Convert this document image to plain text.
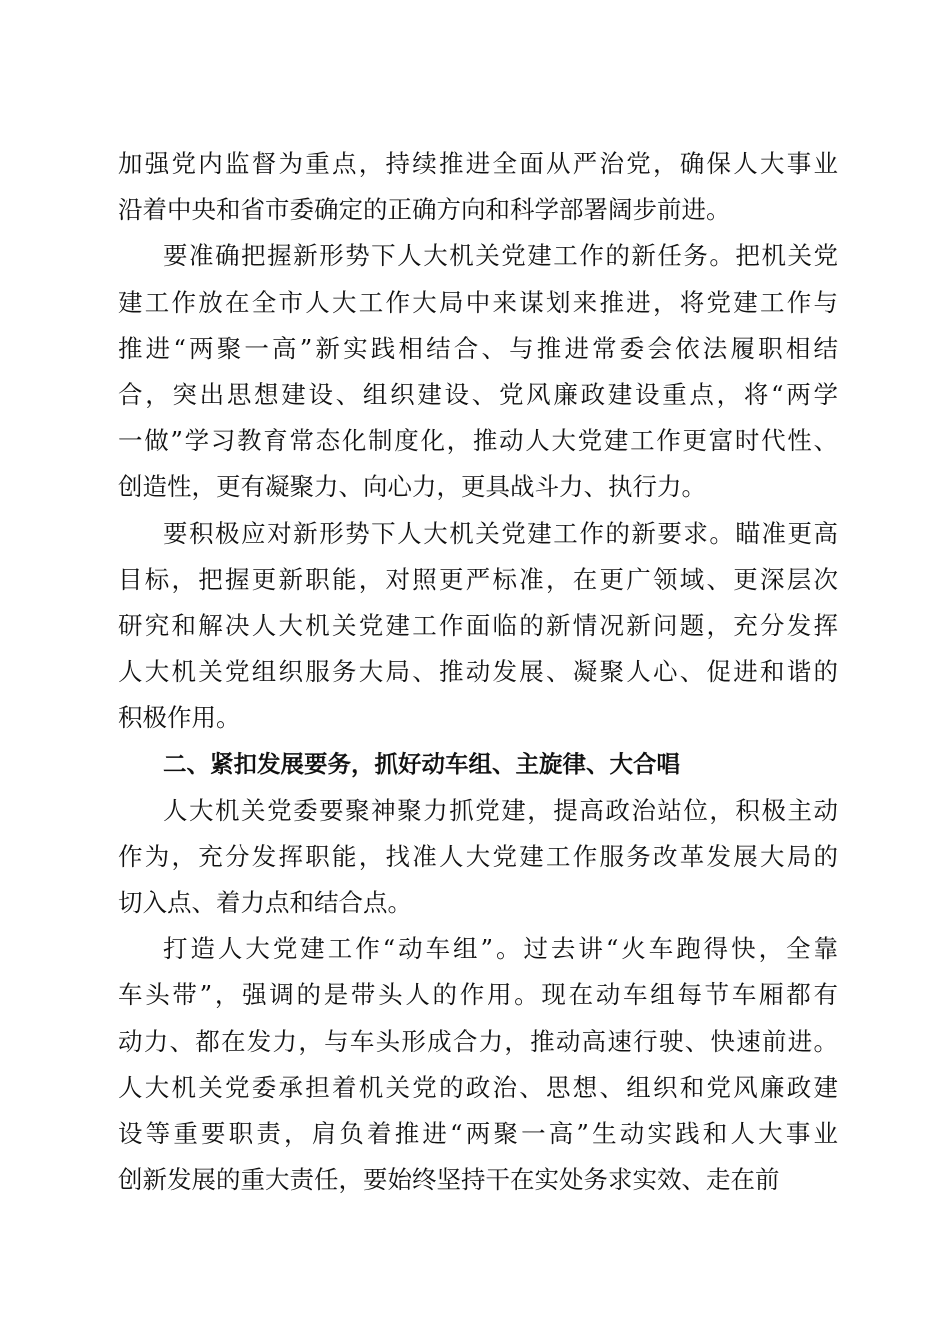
加强党内监督为重点，持续推进全面从严治党，确保人大事业
沿着中央和省市委确定的正确方向和科学部署阔步前进。
要准确把握新形势下人大机关党建工作的新任务。把机关党
建工作放在全市人大工作大局中来谋划来推进，将党建工作与
推进“两聚一高”新实践相结合、与推进常委会依法履职相结
合，突出思想建设、组织建设、党风廉政建设重点，将“两学
一做”学习教育常态化制度化，推动人大党建工作更富时代性、
创造性，更有凝聚力、向心力，更具战斗力、执行力。
要积极应对新形势下人大机关党建工作的新要求。瞄准更高
目标，把握更新职能，对照更严标准，在更广领域、更深层次
研究和解决人大机关党建工作面临的新情况新问题，充分发挥
人大机关党组织服务大局、推动发展、凝聚人心、促进和谐的
积极作用。
二、紧扣发展要务，抓好动车组、主旋律、大合唱
人大机关党委要聚神聚力抓党建，提高政治站位，积极主动
作为，充分发挥职能，找准人大党建工作服务改革发展大局的
切入点、着力点和结合点。
打造人大党建工作“动车组”。过去讲“火车跑得快，全靠
车头带”，强调的是带头人的作用。现在动车组每节车厢都有
动力、都在发力，与车头形成合力，推动高速行驶、快速前进。
人大机关党委承担着机关党的政治、思想、组织和党风廉政建
设等重要职责，肩负着推进“两聚一高”生动实践和人大事业
创新发展的重大责任，要始终坚持干在实处务求实效、走在前
